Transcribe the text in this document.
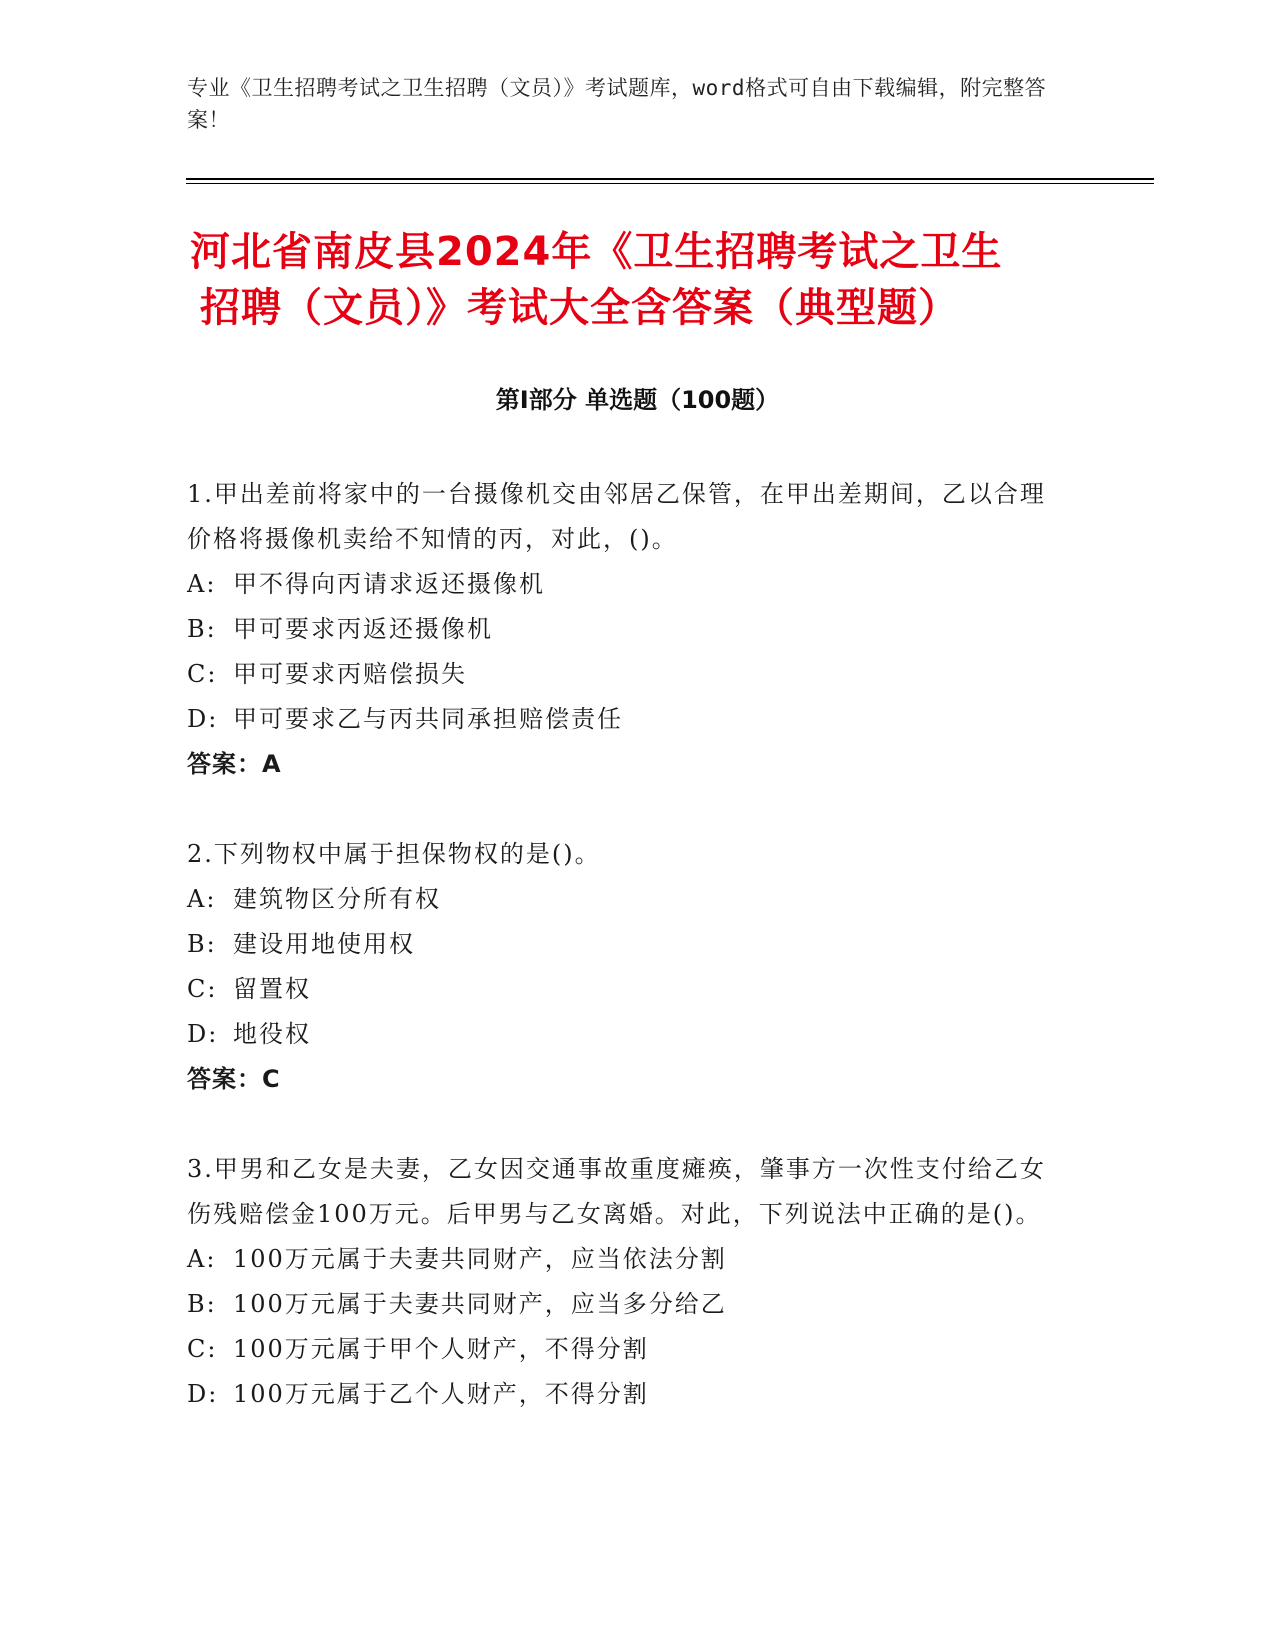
专业《卫生招聘考试之卫生招聘（文员）》考试题库，word格式可自由下载编辑，附完整答案！
河北省南皮县2024年《卫生招聘考试之卫生
招聘（文员）》考试大全含答案（典型题）
第Ⅰ部分 单选题（100题）
1.甲出差前将家中的一台摄像机交由邻居乙保管，在甲出差期间，乙以合理价格将摄像机卖给不知情的丙，对此，()。
A: 甲不得向丙请求返还摄像机
B: 甲可要求丙返还摄像机
C: 甲可要求丙赔偿损失
D: 甲可要求乙与丙共同承担赔偿责任
答案：A
2.下列物权中属于担保物权的是()。
A: 建筑物区分所有权
B: 建设用地使用权
C: 留置权
D: 地役权
答案：C
3.甲男和乙女是夫妻，乙女因交通事故重度瘫痪，肇事方一次性支付给乙女伤残赔偿金100万元。后甲男与乙女离婚。对此，下列说法中正确的是()。
A: 100万元属于夫妻共同财产，应当依法分割
B: 100万元属于夫妻共同财产，应当多分给乙
C: 100万元属于甲个人财产，不得分割
D: 100万元属于乙个人财产，不得分割
